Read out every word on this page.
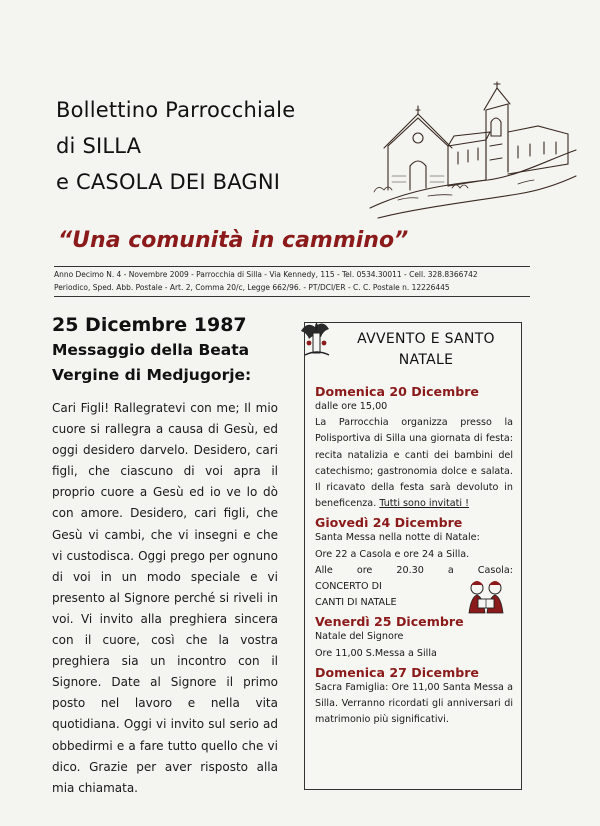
Bollettino Parrocchiale
di SILLA
e CASOLA DEI BAGNI
“Una comunità in cammino”
Anno Decimo N. 4 - Novembre 2009 - Parrocchia di Silla - Via Kennedy, 115 - Tel. 0534.30011 - Cell. 328.8366742
Periodico, Sped. Abb. Postale - Art. 2, Comma 20/c, Legge 662/96. - PT/DCI/ER - C. C. Postale n. 12226445
25 Dicembre 1987
Messaggio della Beata Vergine di Medjugorje:
Cari Figli! Rallegratevi con me; Il mio cuore si rallegra a causa di Gesù, ed oggi desidero darvelo. Desidero, cari figli, che ciascuno di voi apra il proprio cuore a Gesù ed io ve lo dò con amore. Desidero, cari figli, che Gesù vi cambi, che vi insegni e che vi custodisca. Oggi prego per ognuno di voi in un modo speciale e vi presento al Signore perché si riveli in voi. Vi invito alla preghiera sincera con il cuore, così che la vostra preghiera sia un incontro con il Signore. Date al Signore il primo posto nel lavoro e nella vita quotidiana. Oggi vi invito sul serio ad obbedirmi e a fare tutto quello che vi dico. Grazie per aver risposto alla mia chiamata.
AVVENTO E SANTO
NATALE
Domenica 20 Dicembre
dalle ore 15,00
La Parrocchia organizza presso la Polisportiva di Silla una giornata di festa: recita natalizia e canti dei bambini del catechismo; gastronomia dolce e salata. Il ricavato della festa sarà devoluto in beneficenza. Tutti sono invitati !
Giovedì 24 Dicembre
Santa Messa nella notte di Natale:
Ore 22 a Casola e ore 24 a Silla.
Alle ore 20.30 a Casola:
CONCERTO DI
CANTI DI NATALE
Venerdì 25 Dicembre
Natale del Signore
Ore 11,00 S.Messa a Silla
Domenica 27 Dicembre
Sacra Famiglia: Ore 11,00 Santa Messa a Silla. Verranno ricordati gli anniversari di matrimonio più significativi.
